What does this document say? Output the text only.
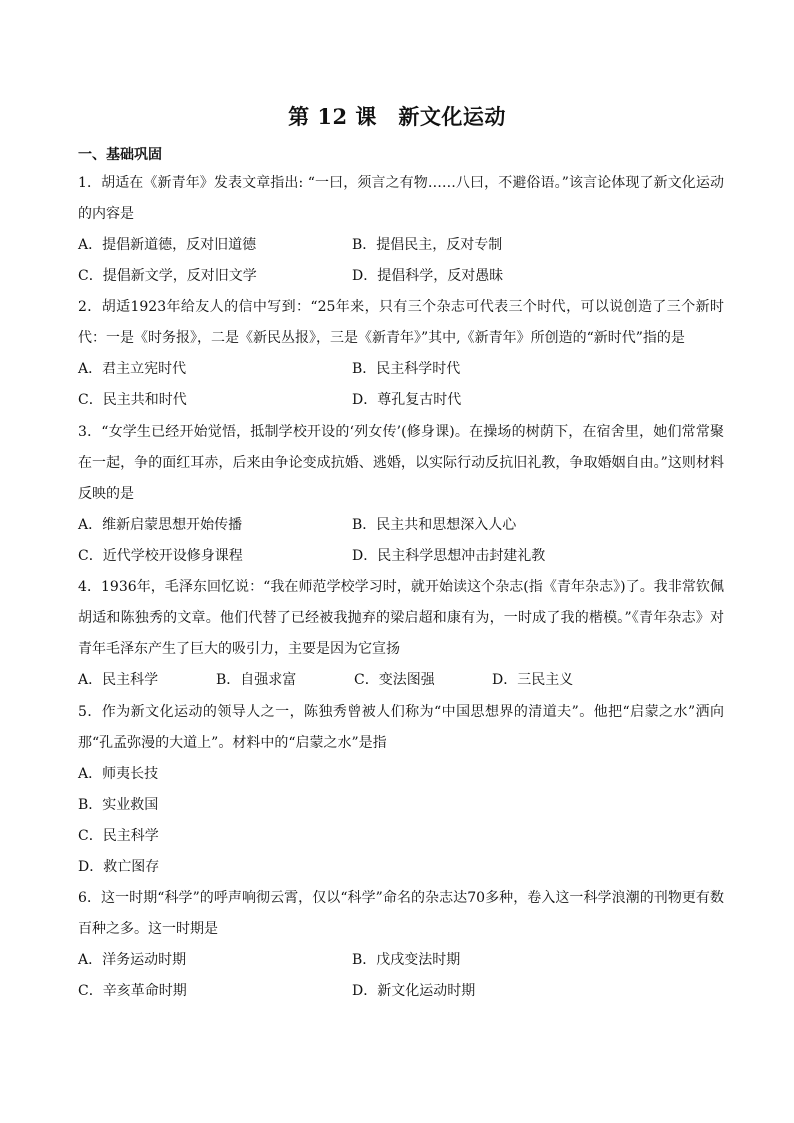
第 12 课　新文化运动
一、基础巩固
1．胡适在《新青年》发表文章指出: “一曰，须言之有物……八曰，不避俗语。”该言论体现了新文化运动的内容是
A．提倡新道德，反对旧道德	B．提倡民主，反对专制
C．提倡新文学，反对旧文学	D．提倡科学，反对愚昧
2．胡适1923年给友人的信中写到：“25年来，只有三个杂志可代表三个时代，可以说创造了三个新时代：一是《时务报》，二是《新民丛报》，三是《新青年》”其中,《新青年》所创造的“新时代”指的是
A．君主立宪时代	B．民主科学时代
C．民主共和时代	D．尊孔复古时代
3．“女学生已经开始觉悟，抵制学校开设的‘列女传’(修身课)。在操场的树荫下，在宿舍里，她们常常聚在一起，争的面红耳赤，后来由争论变成抗婚、逃婚，以实际行动反抗旧礼教，争取婚姻自由。”这则材料反映的是
A．维新启蒙思想开始传播	B．民主共和思想深入人心
C．近代学校开设修身课程	D．民主科学思想冲击封建礼教
4．1936年，毛泽东回忆说：“我在师范学校学习时，就开始读这个杂志(指《青年杂志》)了。我非常钦佩胡适和陈独秀的文章。他们代替了已经被我抛弃的梁启超和康有为，一时成了我的楷模。”《青年杂志》对青年毛泽东产生了巨大的吸引力，主要是因为它宣扬
A．民主科学	B．自强求富	C．变法图强	D．三民主义
5．作为新文化运动的领导人之一，陈独秀曾被人们称为“中国思想界的清道夫”。他把“启蒙之水”洒向那“孔孟弥漫的大道上”。材料中的“启蒙之水”是指
A．师夷长技
B．实业救国
C．民主科学
D．救亡图存
6．这一时期“科学”的呼声响彻云霄，仅以“科学”命名的杂志达70多种，卷入这一科学浪潮的刊物更有数百种之多。这一时期是
A．洋务运动时期	B．戊戌变法时期
C．辛亥革命时期	D．新文化运动时期
